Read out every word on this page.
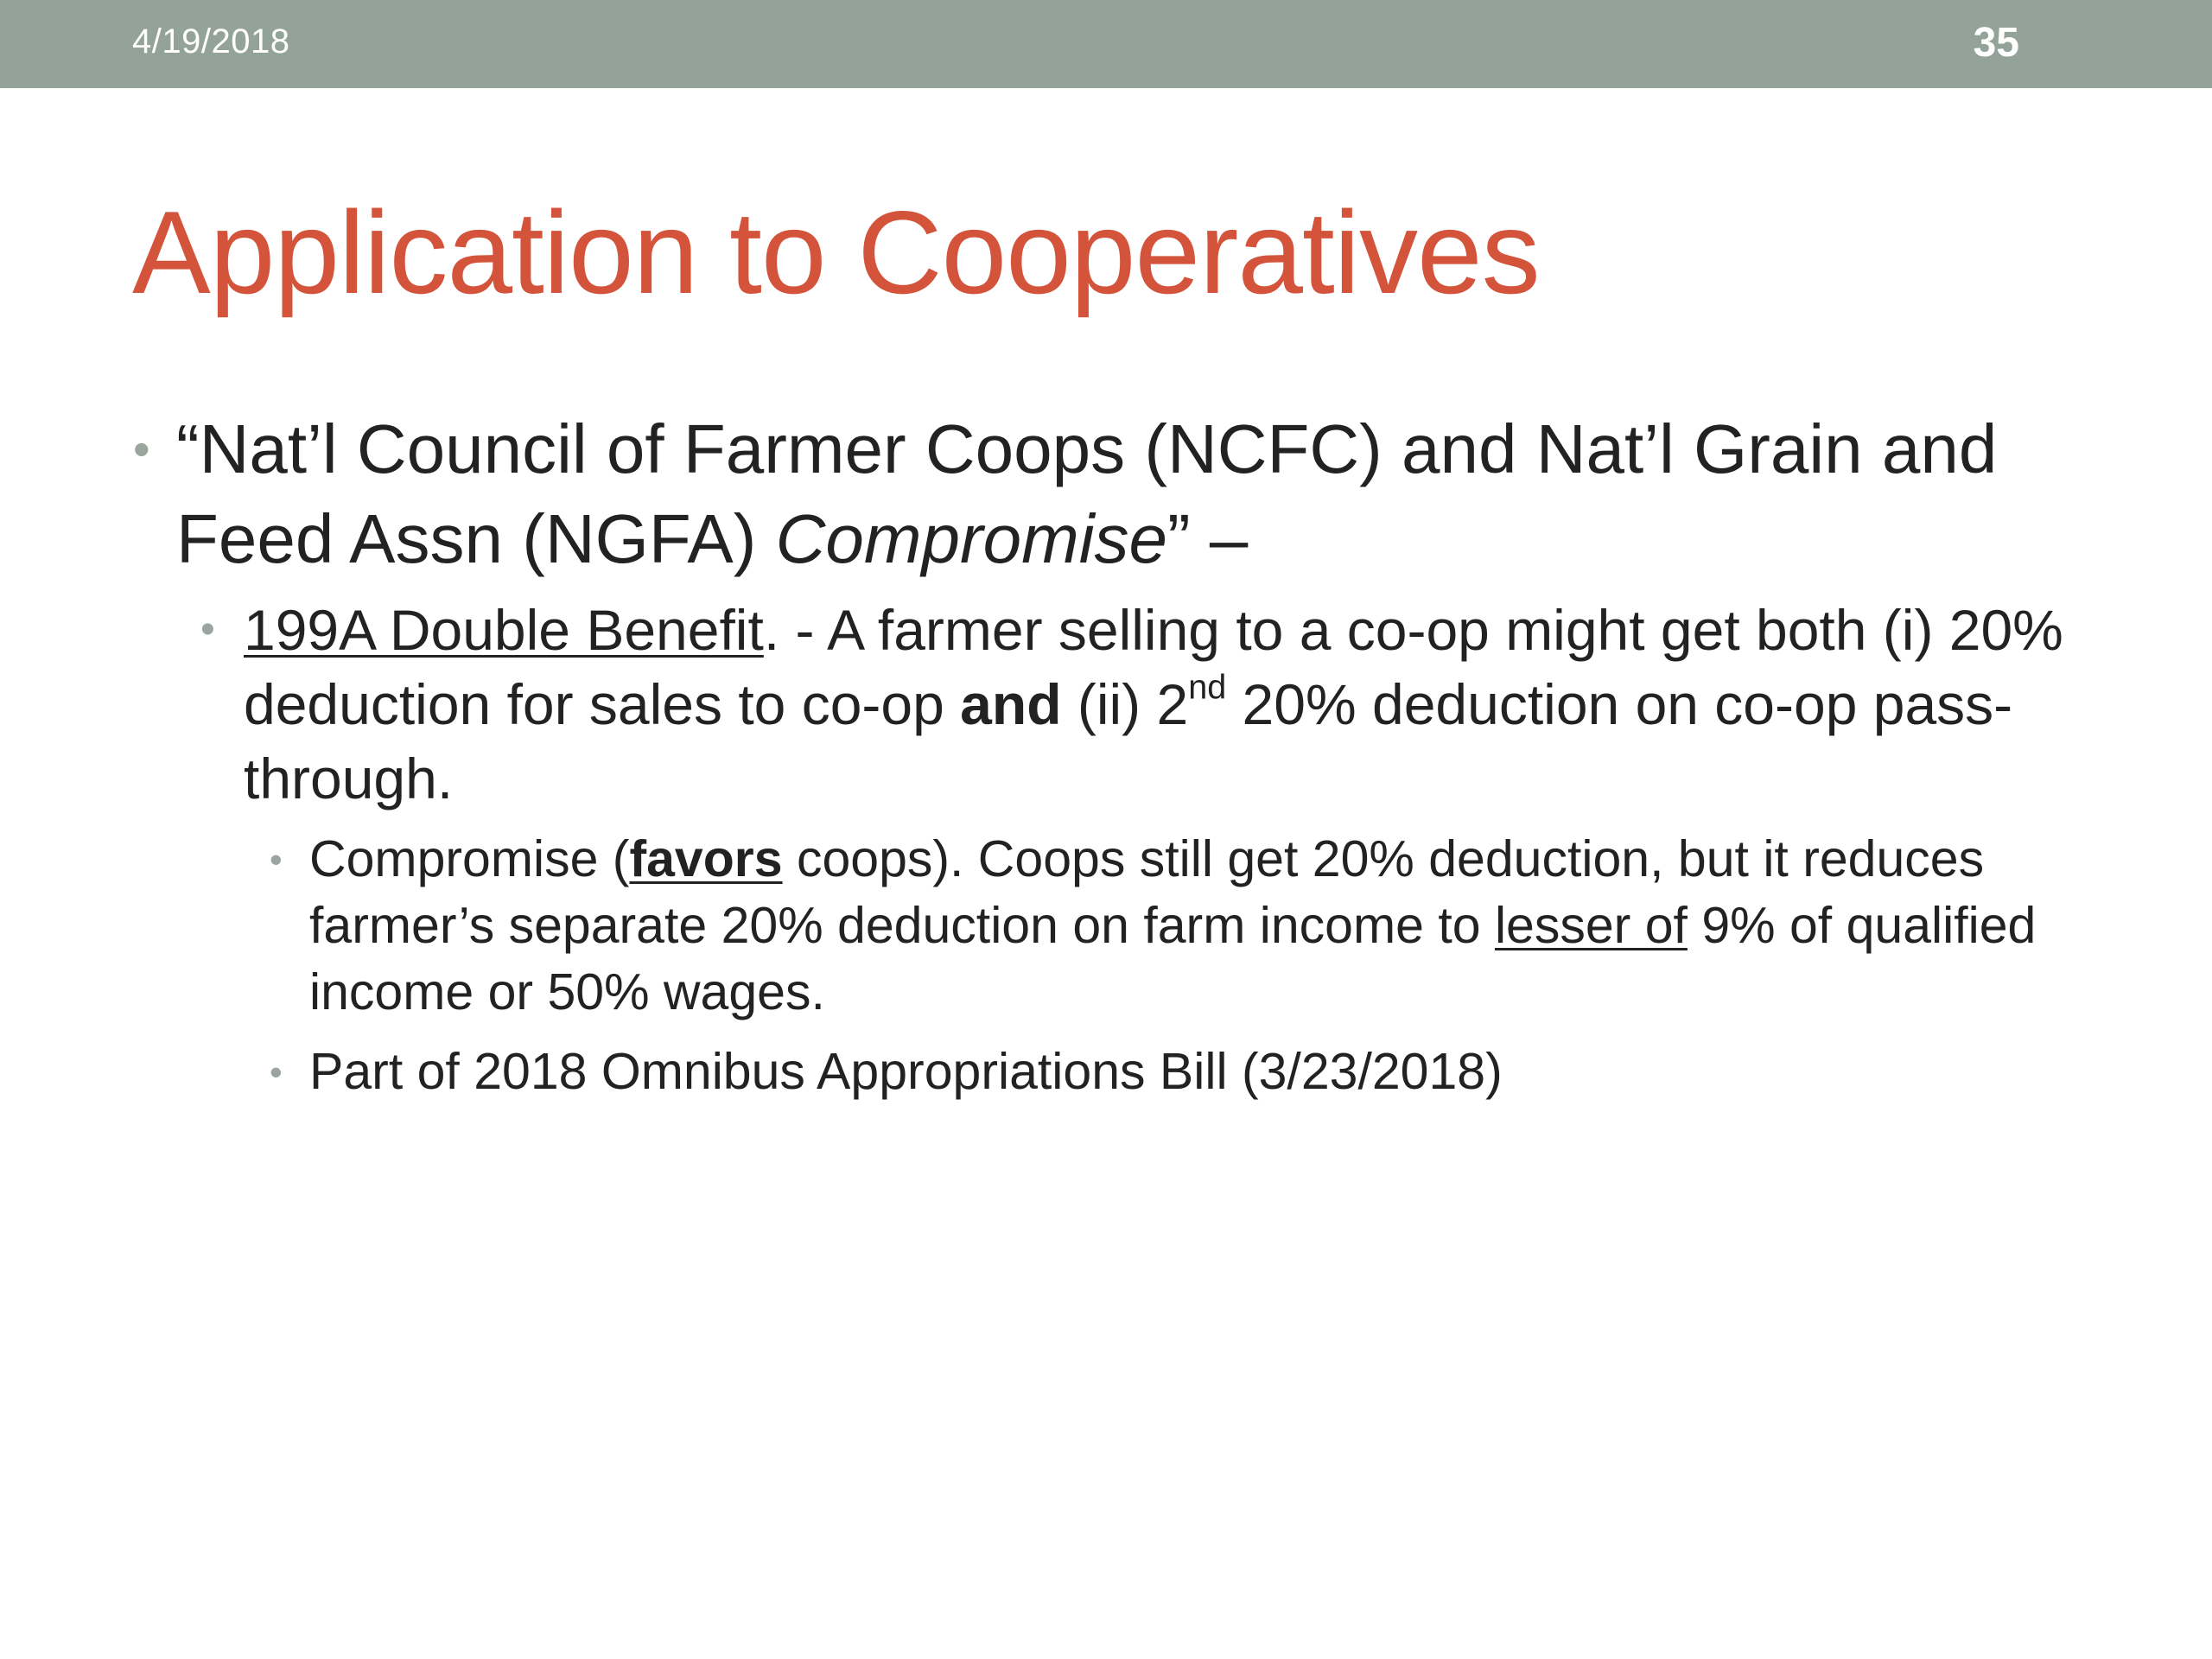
4/19/2018	35
Application to Cooperatives
• “Nat’l Council of Farmer Coops (NCFC) and Nat’l Grain and Feed Assn (NGFA) Compromise” –
• 199A Double Benefit. - A farmer selling to a co-op might get both (i) 20% deduction for sales to co-op and (ii) 2nd 20% deduction on co-op pass-through.
• Compromise (favors coops). Coops still get 20% deduction, but it reduces farmer’s separate 20% deduction on farm income to lesser of 9% of qualified income or 50% wages.
• Part of 2018 Omnibus Appropriations Bill (3/23/2018)
